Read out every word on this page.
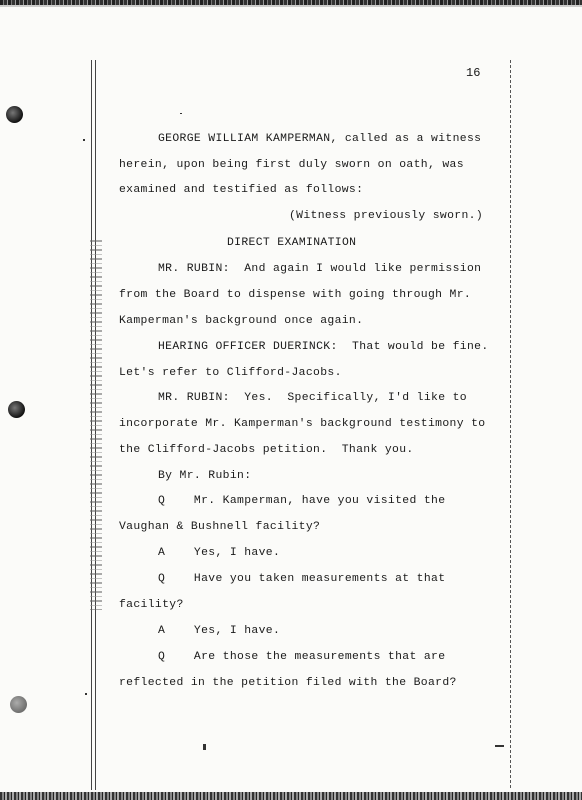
16
GEORGE WILLIAM KAMPERMAN, called as a witness
herein, upon being first duly sworn on oath, was
examined and testified as follows:
(Witness previously sworn.)
DIRECT EXAMINATION
MR. RUBIN:  And again I would like permission
from the Board to dispense with going through Mr.
Kamperman's background once again.
HEARING OFFICER DUERINCK:  That would be fine.
Let's refer to Clifford-Jacobs.
MR. RUBIN:  Yes.  Specifically, I'd like to
incorporate Mr. Kamperman's background testimony to
the Clifford-Jacobs petition.  Thank you.
By Mr. Rubin:
Q    Mr. Kamperman, have you visited the
Vaughan & Bushnell facility?
A    Yes, I have.
Q    Have you taken measurements at that
facility?
A    Yes, I have.
Q    Are those the measurements that are
reflected in the petition filed with the Board?
